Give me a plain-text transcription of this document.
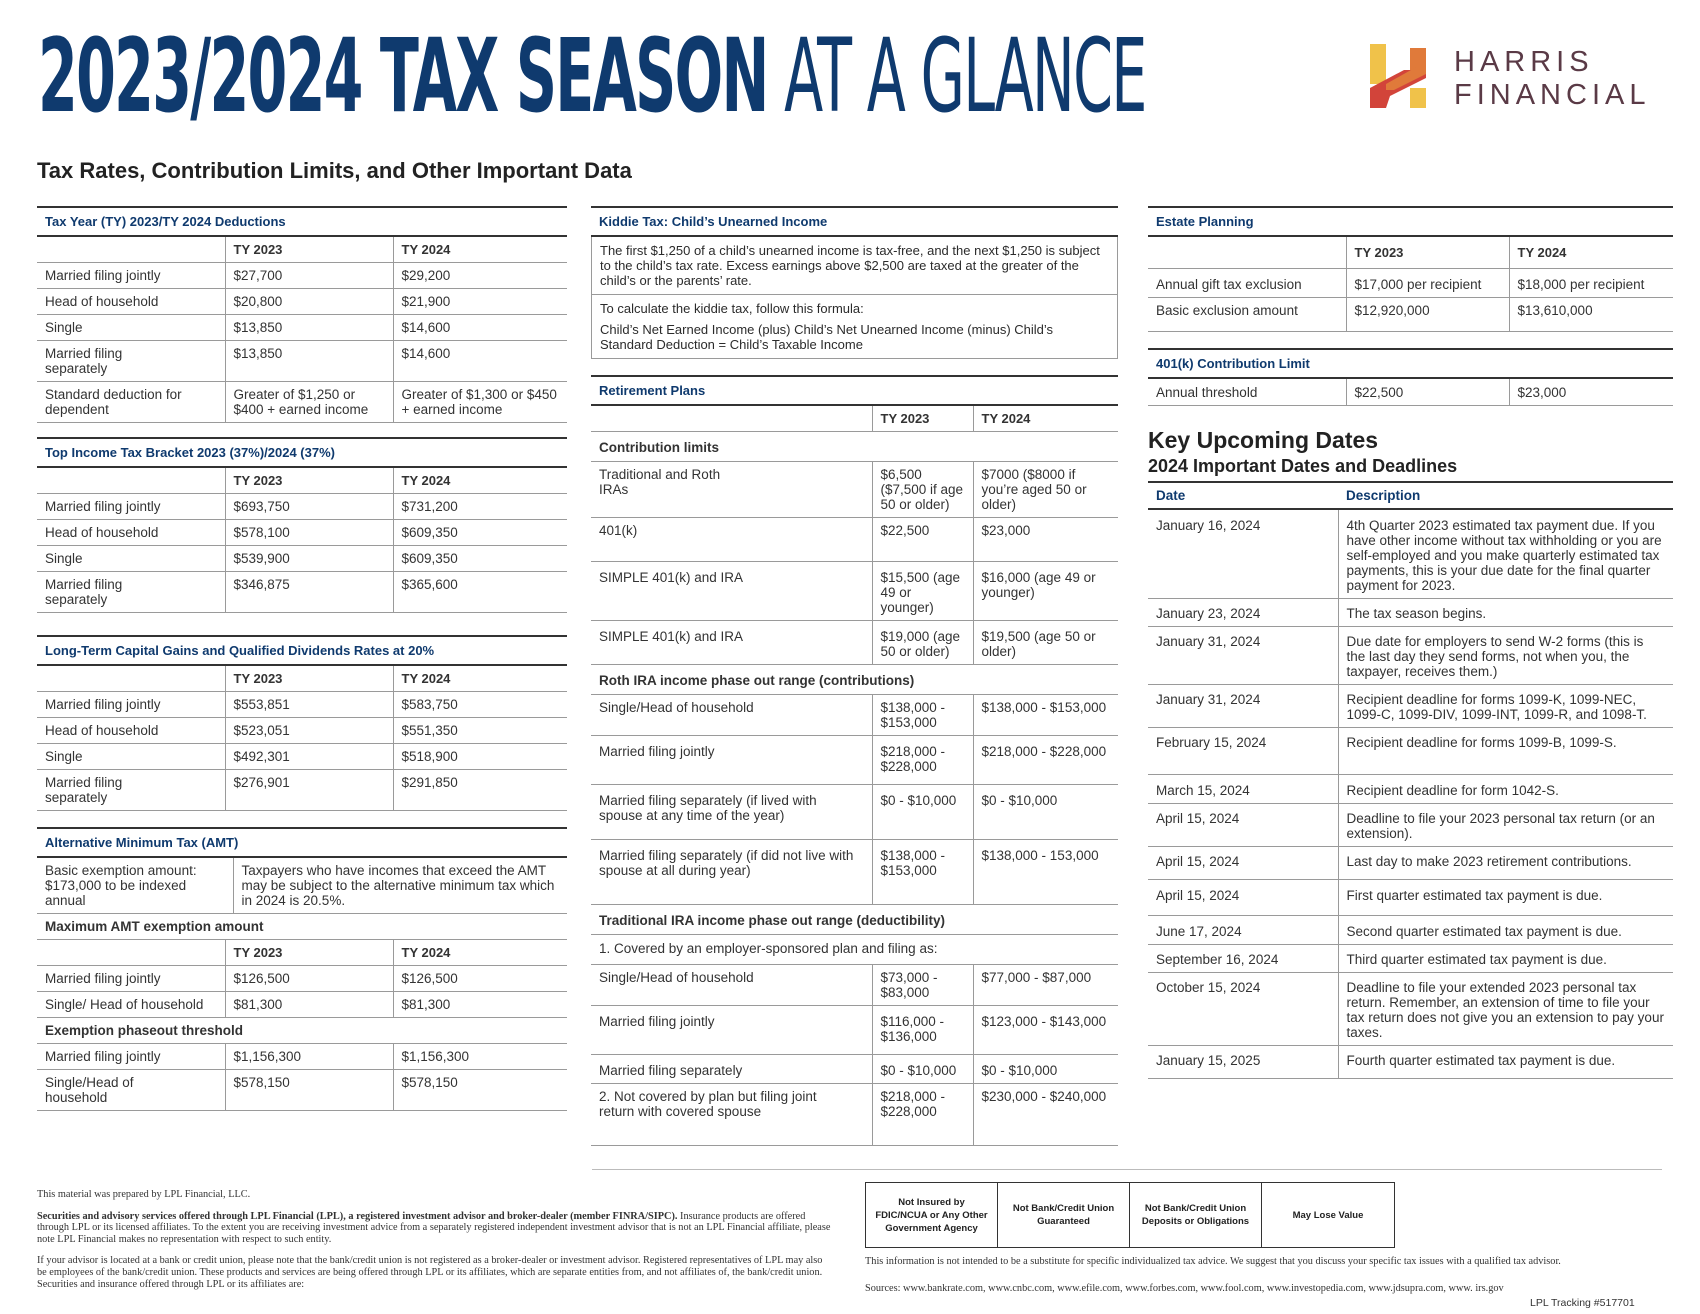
2023/2024 TAX SEASON AT A GLANCE	HARRIS
FINANCIAL
Tax Rates, Contribution Limits, and Other Important Data
Tax Year (TY) 2023/TY 2024 Deductions
	TY 2023	TY 2024
Married filing jointly	$27,700	$29,200
Head of household	$20,800	$21,900
Single	$13,850	$14,600
Married filing separately	$13,850	$14,600
Standard deduction for dependent	Greater of $1,250 or $400 + earned income	Greater of $1,300 or $450 + earned income
Top Income Tax Bracket 2023 (37%)/2024 (37%)
	TY 2023	TY 2024
Married filing jointly	$693,750	$731,200
Head of household	$578,100	$609,350
Single	$539,900	$609,350
Married filing separately	$346,875	$365,600
Long-Term Capital Gains and Qualified Dividends Rates at 20%
	TY 2023	TY 2024
Married filing jointly	$553,851	$583,750
Head of household	$523,051	$551,350
Single	$492,301	$518,900
Married filing separately	$276,901	$291,850
Alternative Minimum Tax (AMT)
Basic exemption amount: $173,000 to be indexed annual	Taxpayers who have incomes that exceed the AMT may be subject to the alternative minimum tax which in 2024 is 20.5%.
Maximum AMT exemption amount		
	TY 2023	TY 2024
Married filing jointly	$126,500	$126,500
Single/ Head of household	$81,300	$81,300
Exemption phaseout threshold		
Married filing jointly	$1,156,300	$1,156,300
Single/Head of household	$578,150	$578,150
Kiddie Tax: Child’s Unearned Income

The first $1,250 of a child’s unearned income is tax-free, and the next $1,250 is subject to the child’s tax rate. Excess earnings above $2,500 are taxed at the greater of the child’s or the parents’ rate.

To calculate the kiddie tax, follow this formula:

Child’s Net Earned Income (plus) Child’s Net Unearned Income (minus) Child’s Standard Deduction = Child’s Taxable Income

Retirement Plans
	TY 2023	TY 2024
Contribution limits		
Traditional and Roth IRAs	$6,500 ($7,500 if age 50 or older)	$7000 ($8000 if you’re aged 50 or older)
401(k)	$22,500	$23,000
SIMPLE 401(k) and IRA	$15,500 (age 49 or younger)	$16,000 (age 49 or younger)
SIMPLE 401(k) and IRA	$19,000 (age 50 or older)	$19,500 (age 50 or older)
Roth IRA income phase out range (contributions)		
Single/Head of household	$138,000 - $153,000	$138,000 - $153,000
Married filing jointly	$218,000 - $228,000	$218,000 - $228,000
Married filing separately (if lived with spouse at any time of the year)	$0 - $10,000	$0 - $10,000
Married filing separately (if did not live with spouse at all during year)	$138,000 - $153,000	$138,000 - 153,000
Traditional IRA income phase out range (deductibility)		
1. Covered by an employer-sponsored plan and filing as:		
Single/Head of household	$73,000 - $83,000	$77,000 - $87,000
Married filing jointly	$116,000 - $136,000	$123,000 - $143,000
Married filing separately	$0 - $10,000	$0 - $10,000
2. Not covered by plan but filing joint return with covered spouse	$218,000 - $228,000	$230,000 - $240,000
Estate Planning
	TY 2023	TY 2024
Annual gift tax exclusion	$17,000 per recipient	$18,000 per recipient
Basic exclusion amount	$12,920,000	$13,610,000
401(k) Contribution Limit
Annual threshold	$22,500	$23,000
Key Upcoming Dates
2024 Important Dates and Deadlines
Date	Description
January 16, 2024	4th Quarter 2023 estimated tax payment due. If you have other income without tax withholding or you are self-employed and you make quarterly estimated tax payments, this is your due date for the final quarter payment for 2023.
January 23, 2024	The tax season begins.
January 31, 2024	Due date for employers to send W-2 forms (this is the last day they send forms, not when you, the taxpayer, receives them.)
January 31, 2024	Recipient deadline for forms 1099-K, 1099-NEC, 1099-C, 1099-DIV, 1099-INT, 1099-R, and 1098-T.
February 15, 2024	Recipient deadline for forms 1099-B, 1099-S.
March 15, 2024	Recipient deadline for form 1042-S.
April 15, 2024	Deadline to file your 2023 personal tax return (or an extension).
April 15, 2024	Last day to make 2023 retirement contributions.
April 15, 2024	First quarter estimated tax payment is due.
June 17, 2024	Second quarter estimated tax payment is due.
September 16, 2024	Third quarter estimated tax payment is due.
October 15, 2024	Deadline to file your extended 2023 personal tax return. Remember, an extension of time to file your tax return does not give you an extension to pay your taxes.
January 15, 2025	Fourth quarter estimated tax payment is due.

This material was prepared by LPL Financial, LLC.

Securities and advisory services offered through LPL Financial (LPL), a registered investment advisor and broker-dealer (member FINRA/SIPC). Insurance products are offered through LPL or its licensed affiliates. To the extent you are receiving investment advice from a separately registered independent investment advisor that is not an LPL Financial affiliate, please note LPL Financial makes no representation with respect to such entity.

If your advisor is located at a bank or credit union, please note that the bank/credit union is not registered as a broker-dealer or investment advisor. Registered representatives of LPL may also be employees of the bank/credit union. These products and services are being offered through LPL or its affiliates, which are separate entities from, and not affiliates of, the bank/credit union. Securities and insurance offered through LPL or its affiliates are:

Not Insured by FDIC/NCUA or Any Other Government Agency
Not Bank/Credit Union Guaranteed
Not Bank/Credit Union Deposits or Obligations
May Lose Value
This information is not intended to be a substitute for specific individualized tax advice. We suggest that you discuss your specific tax issues with a qualified tax advisor.
Sources: www.bankrate.com, www.cnbc.com, www.efile.com, www.forbes.com, www.fool.com, www.investopedia.com, www.jdsupra.com, www. irs.gov
LPL Tracking #517701
